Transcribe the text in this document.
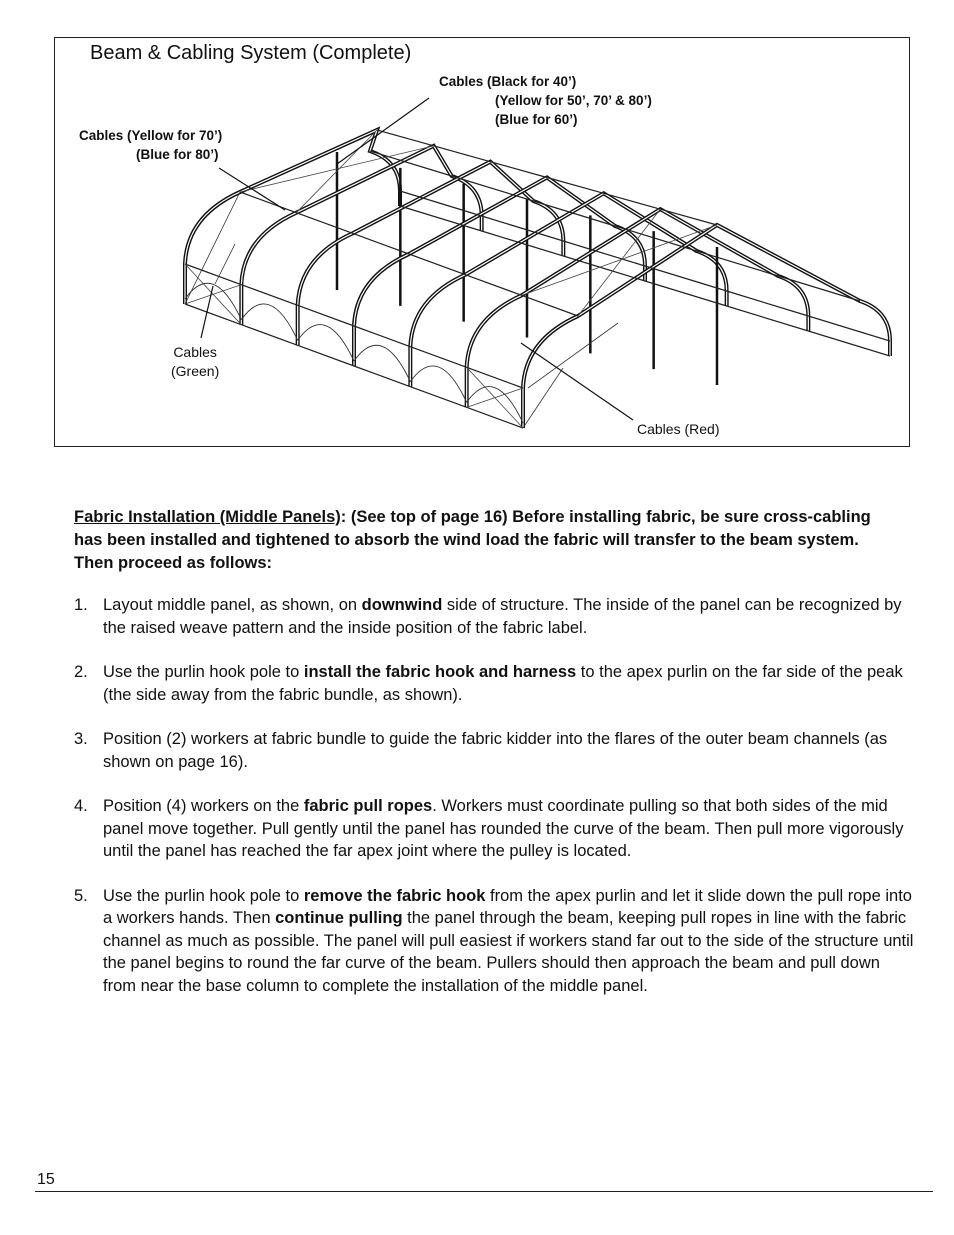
Beam & Cabling System (Complete)
Cables (Black for 40’)
(Yellow for 50’, 70’ & 80’)
(Blue for 60’)
Cables (Yellow for 70’)
(Blue for 80’)
Cables
(Green)
Cables (Red)
Fabric Installation (Middle Panels): (See top of page 16) Before installing fabric, be sure cross-cabling has been installed and tightened to absorb the wind load the fabric will transfer to the beam system. Then proceed as follows:
1. Layout middle panel, as shown, on downwind side of structure. The inside of the panel can be recognized by the raised weave pattern and the inside position of the fabric label.
2. Use the purlin hook pole to install the fabric hook and harness to the apex purlin on the far side of the peak (the side away from the fabric bundle, as shown).
3. Position (2) workers at fabric bundle to guide the fabric kidder into the flares of the outer beam channels (as shown on page 16).
4. Position (4) workers on the fabric pull ropes. Workers must coordinate pulling so that both sides of the mid panel move together. Pull gently until the panel has rounded the curve of the beam. Then pull more vigorously until the panel has reached the far apex joint where the pulley is located.
5. Use the purlin hook pole to remove the fabric hook from the apex purlin and let it slide down the pull rope into a workers hands. Then continue pulling the panel through the beam, keeping pull ropes in line with the fabric channel as much as possible. The panel will pull easiest if workers stand far out to the side of the structure until the panel begins to round the far curve of the beam. Pullers should then approach the beam and pull down from near the base column to complete the installation of the middle panel.
15
